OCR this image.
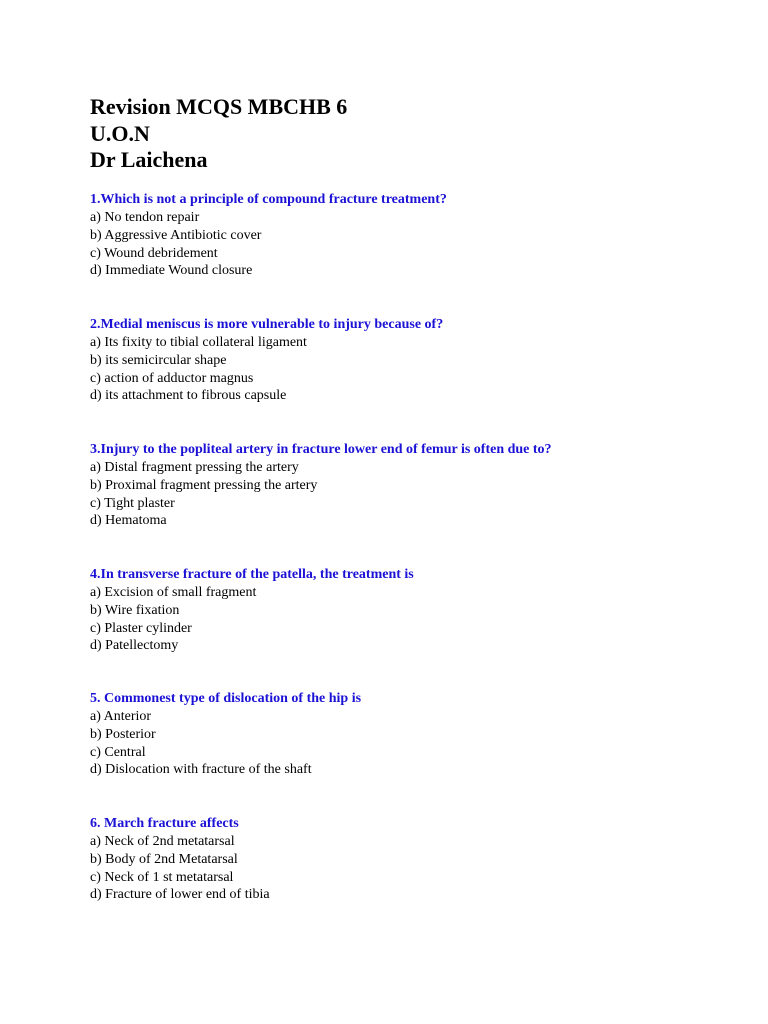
Revision MCQS MBCHB 6
U.O.N
Dr Laichena
1.Which is not a principle of compound fracture treatment?
a) No tendon repair
b) Aggressive Antibiotic cover
c) Wound debridement
d) Immediate Wound closure
2.Medial meniscus is more vulnerable to injury because of?
a) Its fixity to tibial collateral ligament
b) its semicircular shape
c) action of adductor magnus
d) its attachment to fibrous capsule
3.Injury to the popliteal artery in fracture lower end of femur is often due to?
a) Distal fragment pressing the artery
b) Proximal fragment pressing the artery
c) Tight plaster
d) Hematoma
4.In transverse fracture of the patella, the treatment is
a) Excision of small fragment
b) Wire fixation
c) Plaster cylinder
d) Patellectomy
5. Commonest type of dislocation of the hip is
a) Anterior
b) Posterior
c) Central
d) Dislocation with fracture of the shaft
6. March fracture affects
a) Neck of 2nd metatarsal
b) Body of 2nd Metatarsal
c) Neck of 1 st metatarsal
d) Fracture of lower end of tibia
